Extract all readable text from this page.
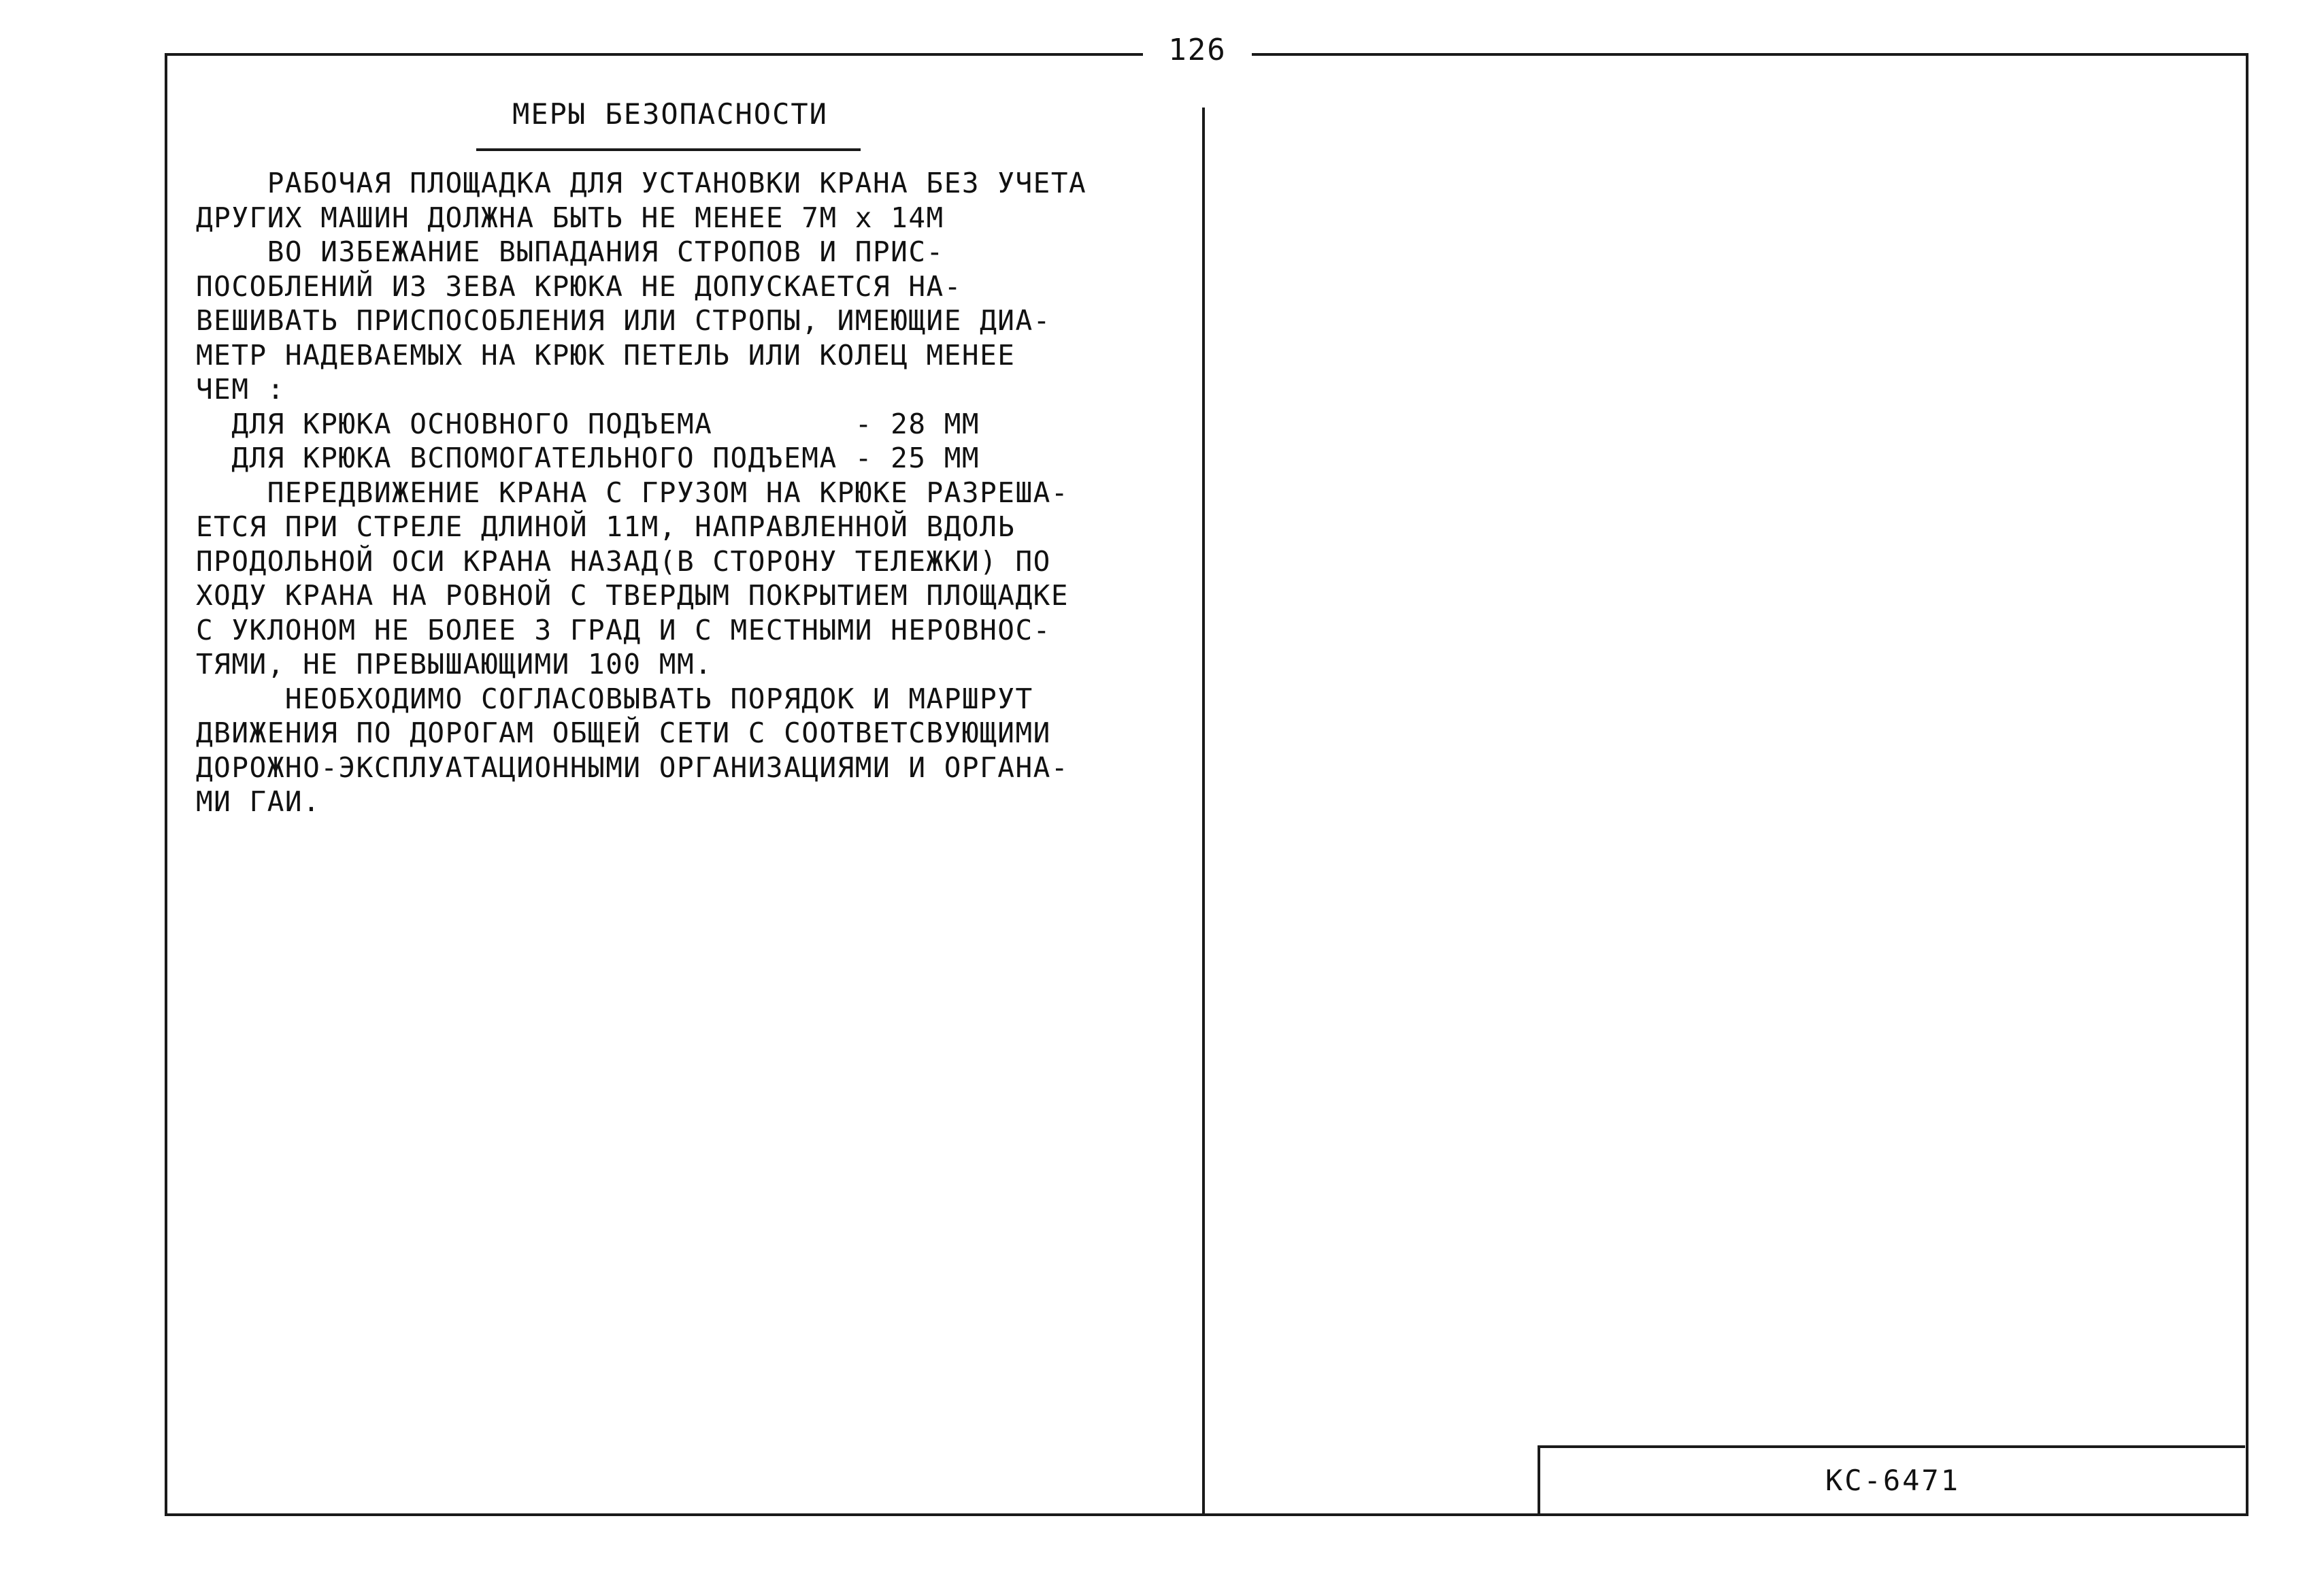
126
МЕРЫ БЕЗОПАСНОСТИ
РАБОЧАЯ ПЛОЩАДКА ДЛЯ УСТАНОВКИ КРАНА БЕЗ УЧЕТА
ДРУГИХ МАШИН ДОЛЖНА БЫТЬ НЕ МЕНЕЕ 7М х 14М
ВО ИЗБЕЖАНИЕ ВЫПАДАНИЯ СТРОПОВ И ПРИС-
ПОСОБЛЕНИЙ ИЗ ЗЕВА КРЮКА НЕ ДОПУСКАЕТСЯ НА-
ВЕШИВАТЬ ПРИСПОСОБЛЕНИЯ ИЛИ СТРОПЫ, ИМЕЮЩИЕ ДИА-
МЕТР НАДЕВАЕМЫХ НА КРЮК ПЕТЕЛЬ ИЛИ КОЛЕЦ МЕНЕЕ
ЧЕМ :
ДЛЯ КРЮКА ОСНОВНОГО ПОДЪЕМА        - 28 ММ
ДЛЯ КРЮКА ВСПОМОГАТЕЛЬНОГО ПОДЪЕМА - 25 ММ
ПЕРЕДВИЖЕНИЕ КРАНА С ГРУЗОМ НА КРЮКЕ РАЗРЕША-
ЕТСЯ ПРИ СТРЕЛЕ ДЛИНОЙ 11М, НАПРАВЛЕННОЙ ВДОЛЬ
ПРОДОЛЬНОЙ ОСИ КРАНА НАЗАД(В СТОРОНУ ТЕЛЕЖКИ) ПО
ХОДУ КРАНА НА РОВНОЙ С ТВЕРДЫМ ПОКРЫТИЕМ ПЛОЩАДКЕ
С УКЛОНОМ НЕ БОЛЕЕ 3 ГРАД И С МЕСТНЫМИ НЕРОВНОС-
ТЯМИ, НЕ ПРЕВЫШАЮЩИМИ 100 ММ.
НЕОБХОДИМО СОГЛАСОВЫВАТЬ ПОРЯДОК И МАРШРУТ
ДВИЖЕНИЯ ПО ДОРОГАМ ОБЩЕЙ СЕТИ С СООТВЕТСВУЮЩИМИ
ДОРОЖНО-ЭКСПЛУАТАЦИОННЫМИ ОРГАНИЗАЦИЯМИ И ОРГАНА-
МИ ГАИ.
КС-6471
